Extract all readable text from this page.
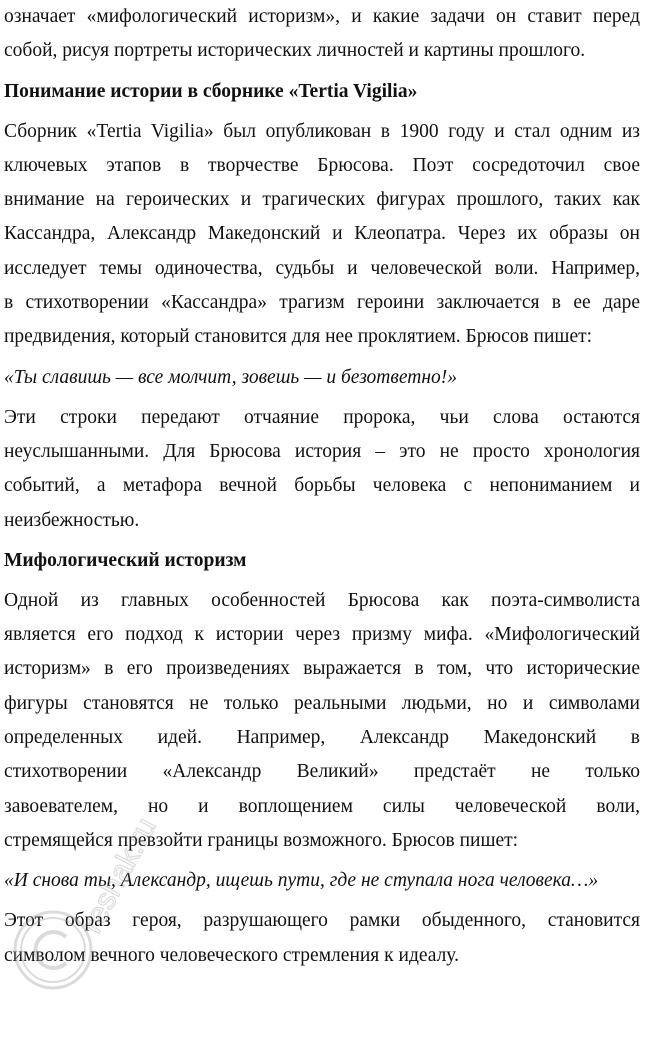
означает «мифологический историзм», и какие задачи он ставит перед
собой, рисуя портреты исторических личностей и картины прошлого.
Понимание истории в сборнике «Tertia Vigilia»
Сборник «Tertia Vigilia» был опубликован в 1900 году и стал одним из
ключевых этапов в творчестве Брюсова. Поэт сосредоточил свое
внимание на героических и трагических фигурах прошлого, таких как
Кассандра, Александр Македонский и Клеопатра. Через их образы он
исследует темы одиночества, судьбы и человеческой воли. Например,
в стихотворении «Кассандра» трагизм героини заключается в ее даре
предвидения, который становится для нее проклятием. Брюсов пишет:
«Ты славишь — все молчит, зовешь — и безответно!»
Эти строки передают отчаяние пророка, чьи слова остаются
неуслышанными. Для Брюсова история – это не просто хронология
событий, а метафора вечной борьбы человека с непониманием и
неизбежностью.
Мифологический историзм
Одной из главных особенностей Брюсова как поэта-символиста
является его подход к истории через призму мифа. «Мифологический
историзм» в его произведениях выражается в том, что исторические
фигуры становятся не только реальными людьми, но и символами
определенных идей. Например, Александр Македонский в
стихотворении «Александр Великий» предстаёт не только
завоевателем, но и воплощением силы человеческой воли,
стремящейся превзойти границы возможного. Брюсов пишет:
«И снова ты, Александр, ищешь пути, где не ступала нога человека…»
Этот образ героя, разрушающего рамки обыденного, становится
символом вечного человеческого стремления к идеалу.
reshak.ru
